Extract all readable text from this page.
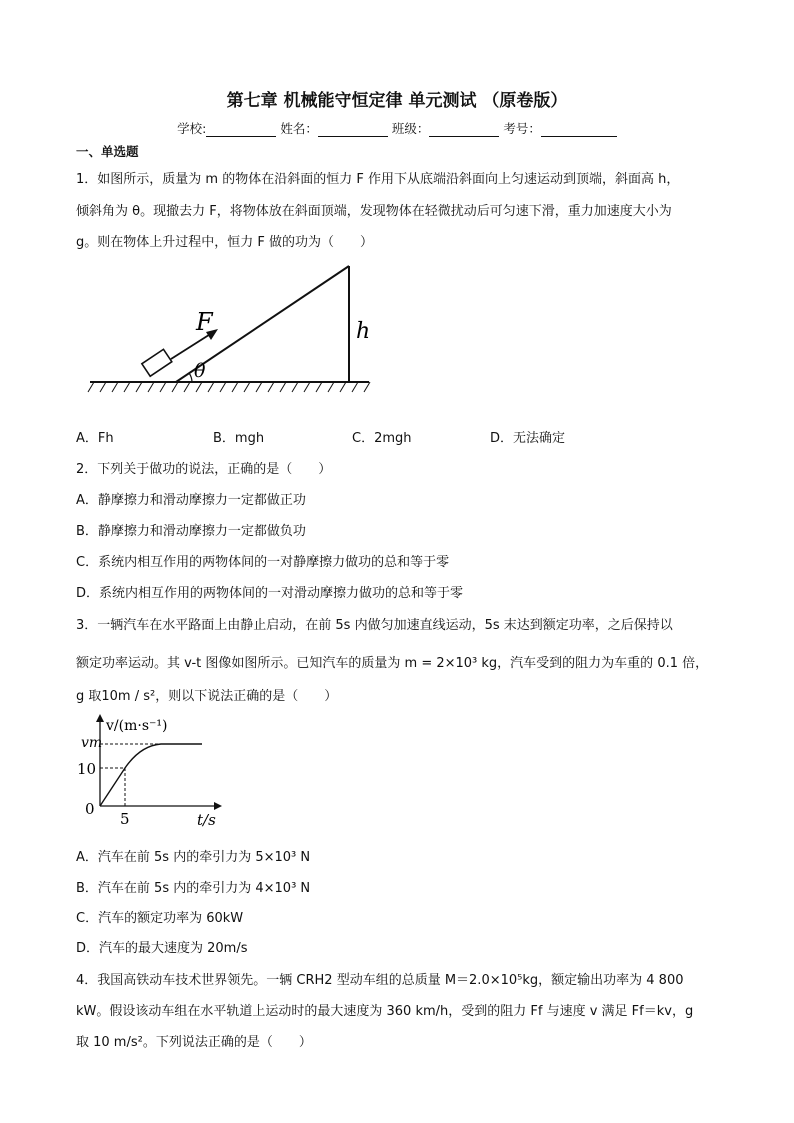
第七章 机械能守恒定律 单元测试 （原卷版）
学校:	姓名：	班级：	考号：
一、单选题
1．如图所示，质量为 m 的物体在沿斜面的恒力 F 作用下从底端沿斜面向上匀速运动到顶端，斜面高 h，
倾斜角为 θ。现撤去力 F，将物体放在斜面顶端，发现物体在轻微扰动后可匀速下滑，重力加速度大小为
g。则在物体上升过程中，恒力 F 做的功为（　　）
F
θ
h
A．Fh	B．mgh	C．2mgh	D．无法确定
2．下列关于做功的说法，正确的是（　　）
A．静摩擦力和滑动摩擦力一定都做正功
B．静摩擦力和滑动摩擦力一定都做负功
C．系统内相互作用的两物体间的一对静摩擦力做功的总和等于零
D．系统内相互作用的两物体间的一对滑动摩擦力做功的总和等于零
3．一辆汽车在水平路面上由静止启动，在前 5s 内做匀加速直线运动，5s 末达到额定功率，之后保持以
额定功率运动。其 v-t 图像如图所示。已知汽车的质量为 m = 2×10³ kg，汽车受到的阻力为车重的 0.1 倍，
g 取10m / s²，则以下说法正确的是（　　）
0
5
10
vm
t/s
v/(m·s⁻¹)
A．汽车在前 5s 内的牵引力为 5×10³ N
B．汽车在前 5s 内的牵引力为 4×10³ N
C．汽车的额定功率为 60kW
D．汽车的最大速度为 20m/s
4．我国高铁动车技术世界领先。一辆 CRH2 型动车组的总质量 M＝2.0×10⁵kg，额定输出功率为 4 800
kW。假设该动车组在水平轨道上运动时的最大速度为 360 km/h，受到的阻力 Ff 与速度 v 满足 Ff＝kv，g
取 10 m/s²。下列说法正确的是（　　）
